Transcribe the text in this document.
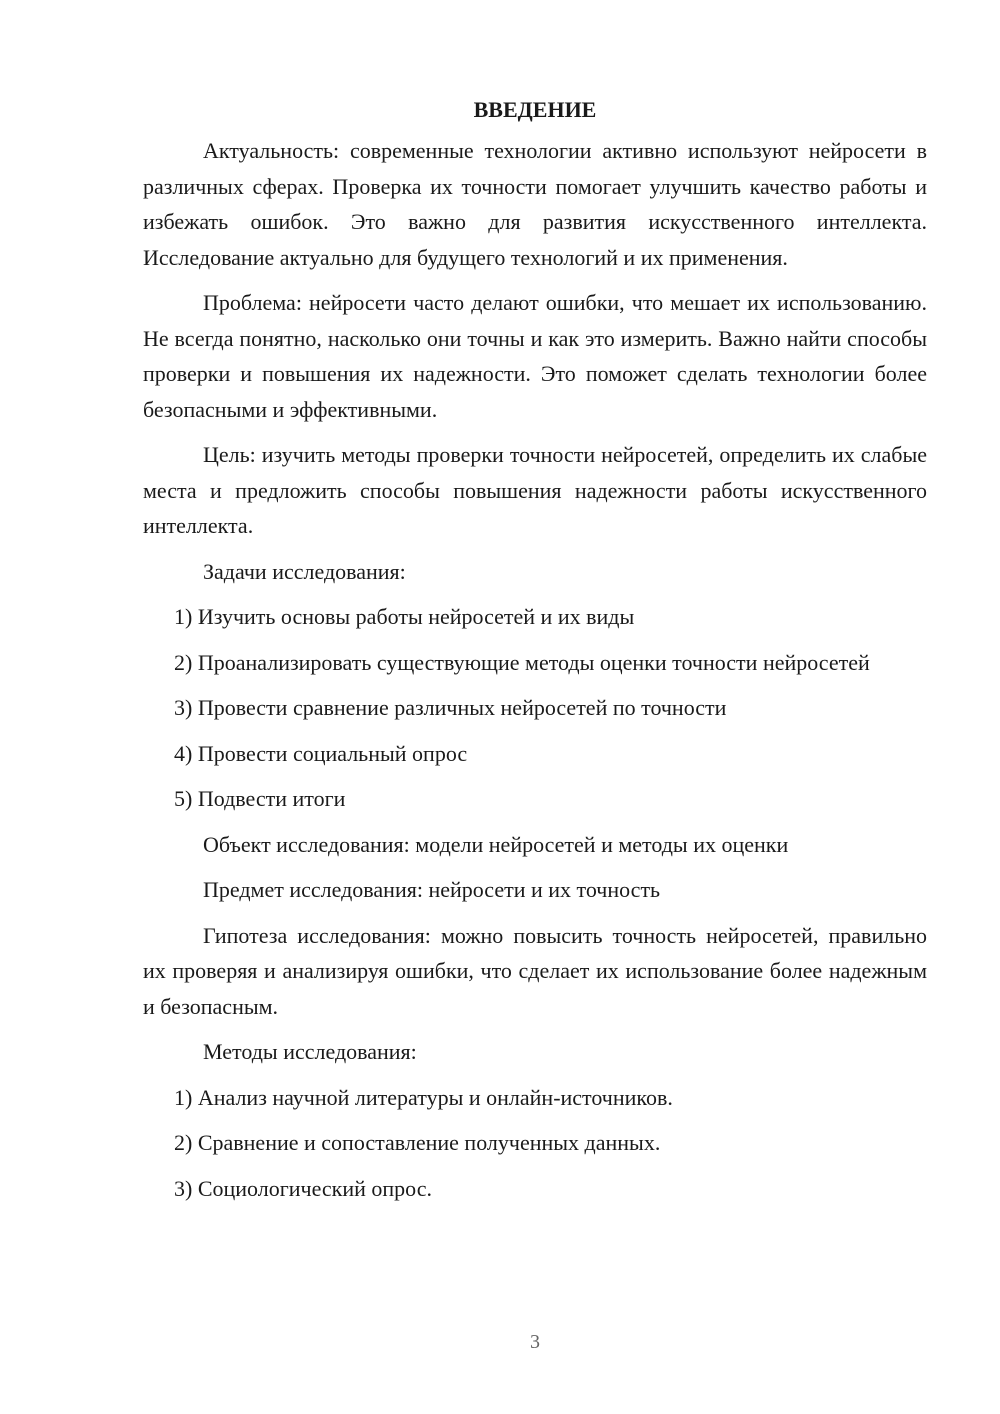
ВВЕДЕНИЕ

Актуальность: современные технологии активно используют нейросети в различных сферах. Проверка их точности помогает улучшить качество работы и избежать ошибок. Это важно для развития искусственного интеллекта. Исследование актуально для будущего технологий и их применения.

Проблема: нейросети часто делают ошибки, что мешает их использованию. Не всегда понятно, насколько они точны и как это измерить. Важно найти способы проверки и повышения их надежности. Это поможет сделать технологии более безопасными и эффективными.

Цель: изучить методы проверки точности нейросетей, определить их слабые места и предложить способы повышения надежности работы искусственного интеллекта.

Задачи исследования:

1) Изучить основы работы нейросетей и их виды

2) Проанализировать существующие методы оценки точности нейросетей

3) Провести сравнение различных нейросетей по точности

4) Провести социальный опрос

5) Подвести итоги

Объект исследования: модели нейросетей и методы их оценки

Предмет исследования: нейросети и их точность

Гипотеза исследования: можно повысить точность нейросетей, правильно их проверяя и анализируя ошибки, что сделает их использование более надежным и безопасным.

Методы исследования:

1) Анализ научной литературы и онлайн-источников.

2) Сравнение и сопоставление полученных данных.

3) Социологический опрос.

3
